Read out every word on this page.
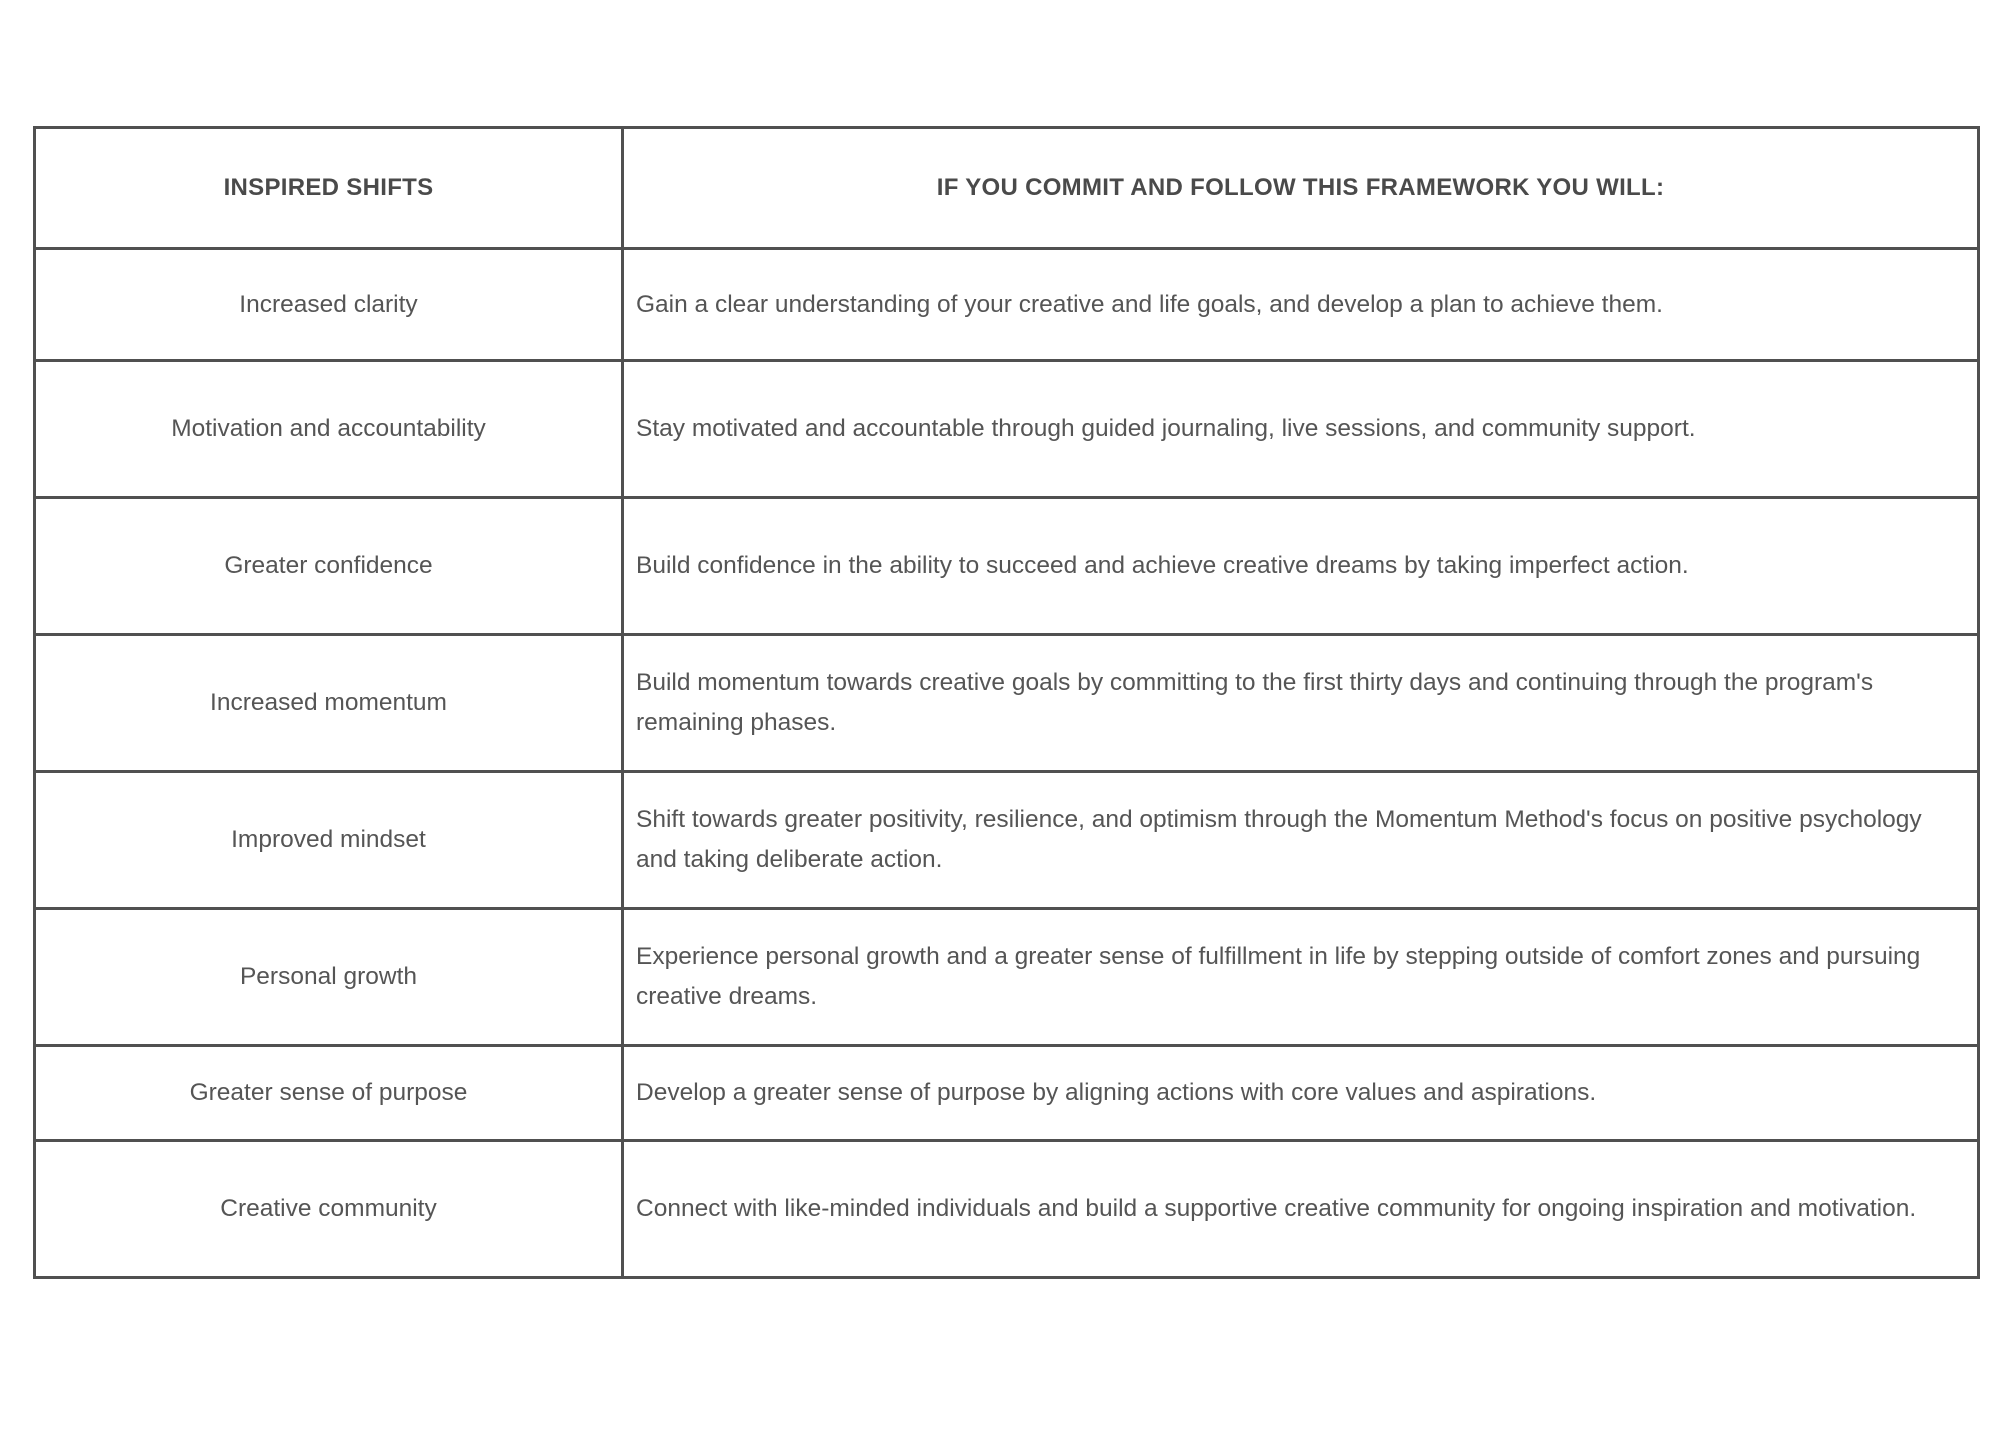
INSPIRED SHIFTS	IF YOU COMMIT AND FOLLOW THIS FRAMEWORK YOU WILL:
Increased clarity	Gain a clear understanding of your creative and life goals, and develop a plan to achieve them.
Motivation and accountability	Stay motivated and accountable through guided journaling, live sessions, and community support.
Greater confidence	Build confidence in the ability to succeed and achieve creative dreams by taking imperfect action.
Increased momentum	Build momentum towards creative goals by committing to the first thirty days and continuing through the program's remaining phases.
Improved mindset	Shift towards greater positivity, resilience, and optimism through the Momentum Method's focus on positive psychology and taking deliberate action.
Personal growth	Experience personal growth and a greater sense of fulfillment in life by stepping outside of comfort zones and pursuing creative dreams.
Greater sense of purpose	Develop a greater sense of purpose by aligning actions with core values and aspirations.
Creative community	Connect with like-minded individuals and build a supportive creative community for ongoing inspiration and motivation.
